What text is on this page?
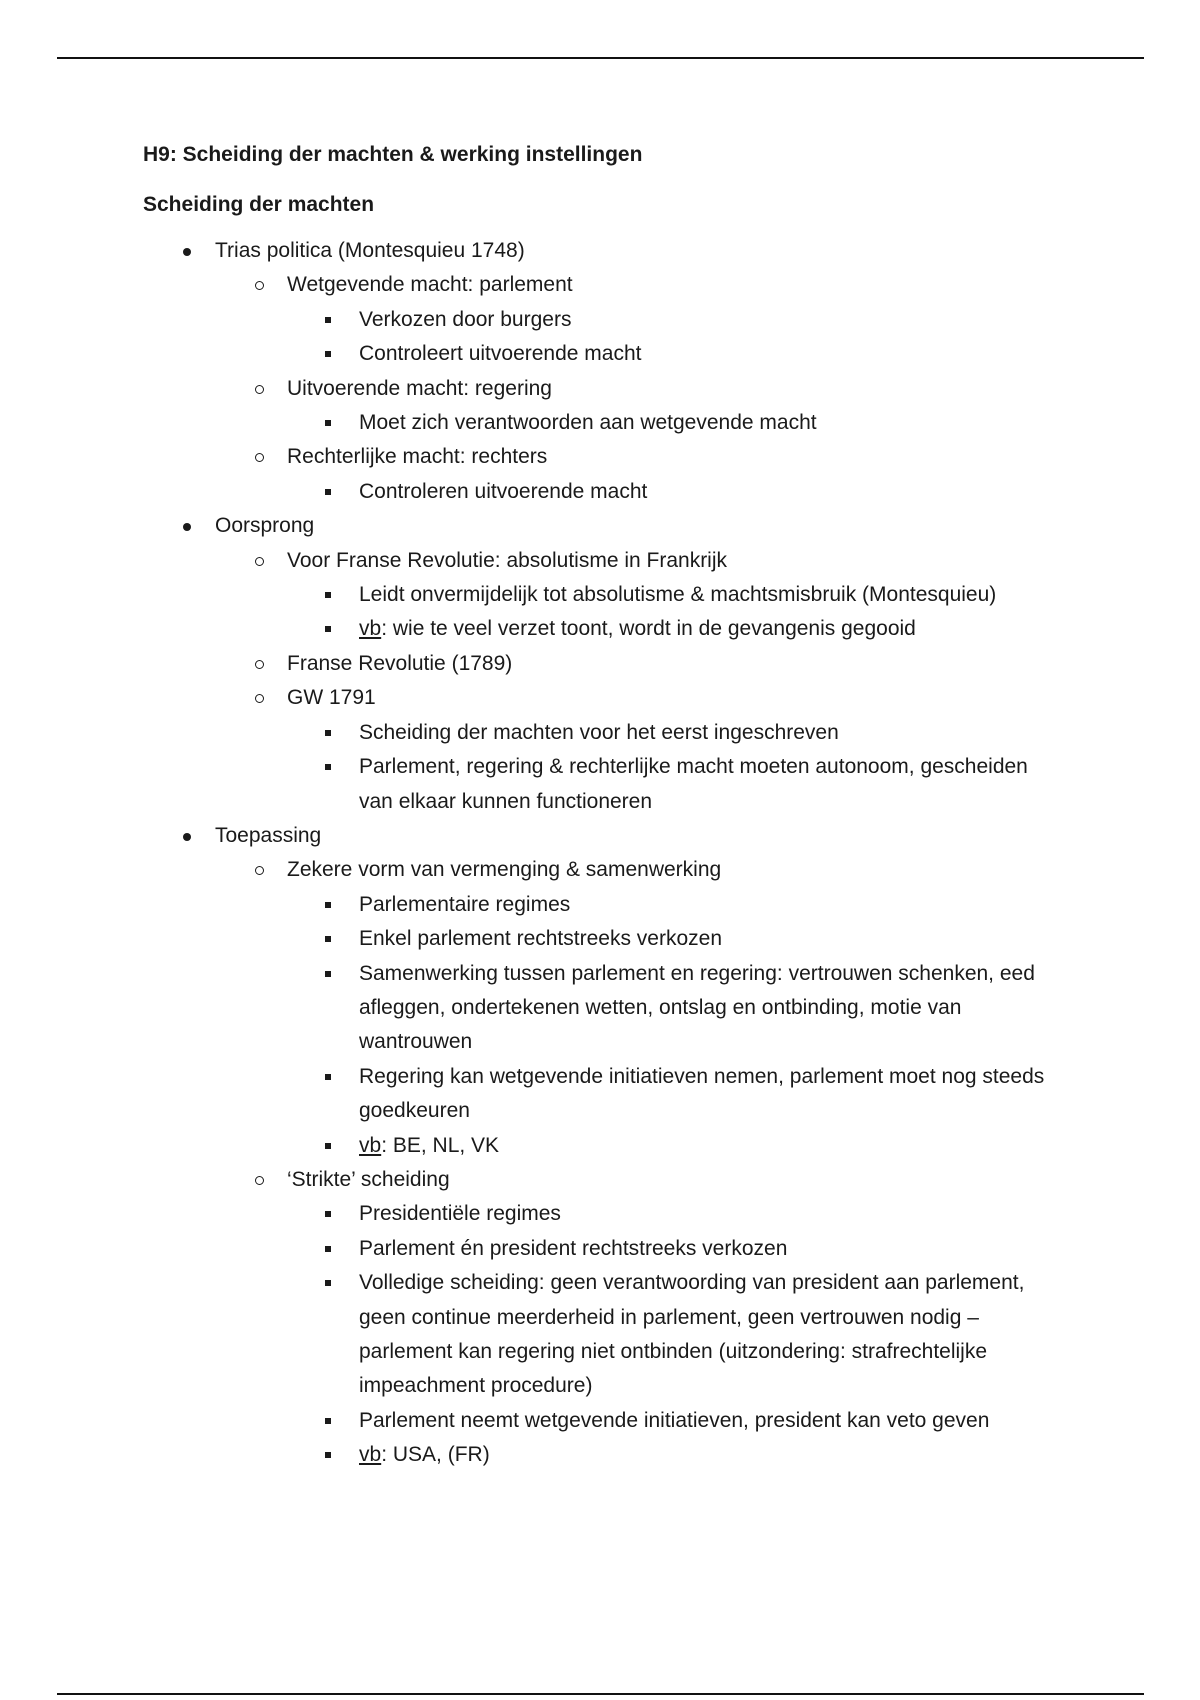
H9: Scheiding der machten & werking instellingen

Scheiding der machten

Trias politica (Montesquieu 1748)
Wetgevende macht: parlement
Verkozen door burgers
Controleert uitvoerende macht
Uitvoerende macht: regering
Moet zich verantwoorden aan wetgevende macht
Rechterlijke macht: rechters
Controleren uitvoerende macht
Oorsprong
Voor Franse Revolutie: absolutisme in Frankrijk
Leidt onvermijdelijk tot absolutisme & machtsmisbruik (Montesquieu)
vb: wie te veel verzet toont, wordt in de gevangenis gegooid
Franse Revolutie (1789)
GW 1791
Scheiding der machten voor het eerst ingeschreven
Parlement, regering & rechterlijke macht moeten autonoom, gescheiden van elkaar kunnen functioneren
Toepassing
Zekere vorm van vermenging & samenwerking
Parlementaire regimes
Enkel parlement rechtstreeks verkozen
Samenwerking tussen parlement en regering: vertrouwen schenken, eed afleggen, ondertekenen wetten, ontslag en ontbinding, motie van wantrouwen
Regering kan wetgevende initiatieven nemen, parlement moet nog steeds goedkeuren
vb: BE, NL, VK
‘Strikte’ scheiding
Presidentiële regimes
Parlement én president rechtstreeks verkozen
Volledige scheiding: geen verantwoording van president aan parlement, geen continue meerderheid in parlement, geen vertrouwen nodig – parlement kan regering niet ontbinden (uitzondering: strafrechtelijke impeachment procedure)
Parlement neemt wetgevende initiatieven, president kan veto geven
vb: USA, (FR)
